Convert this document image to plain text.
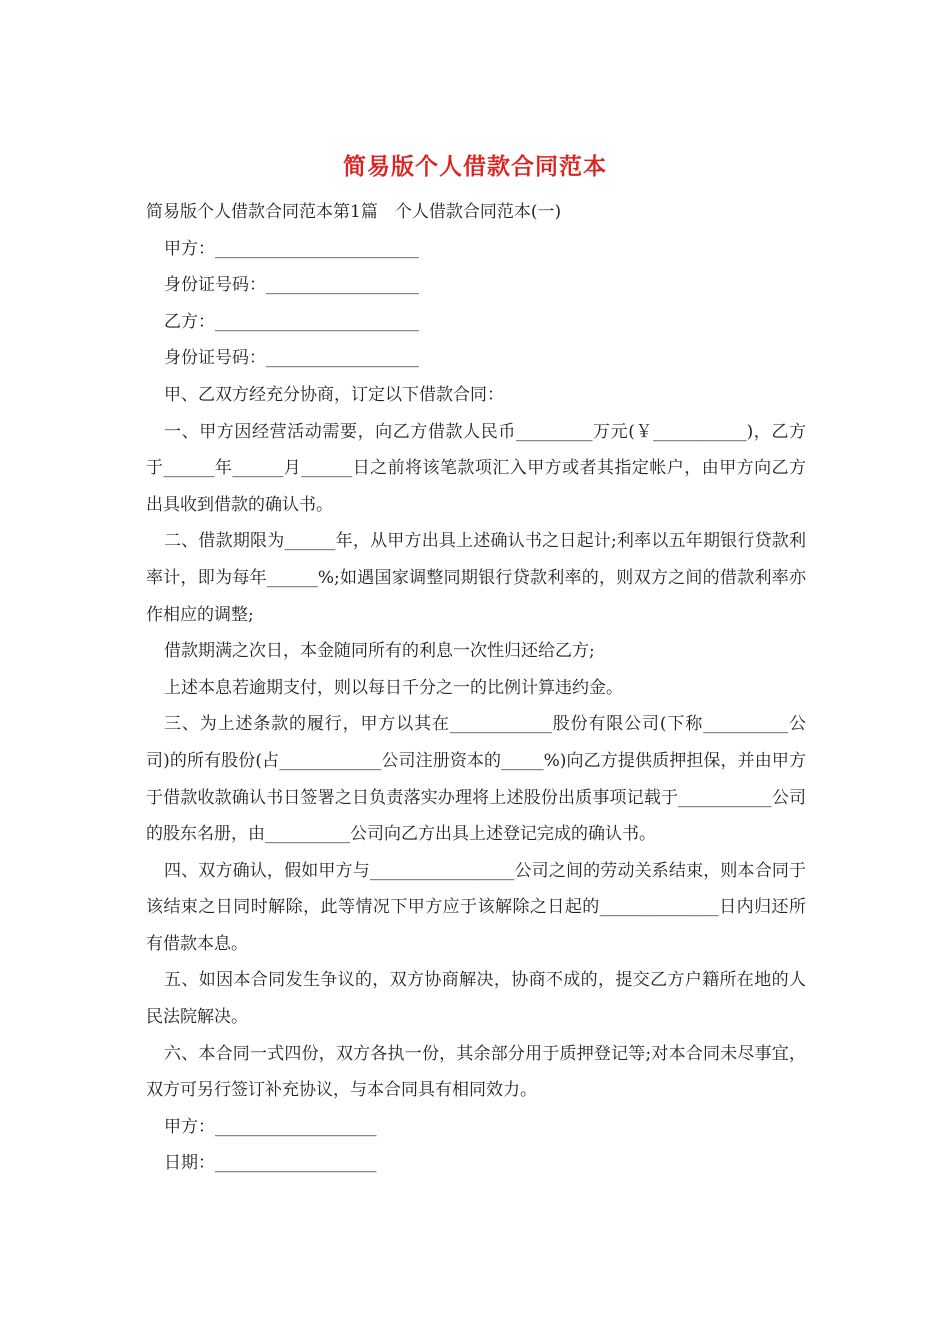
简易版个人借款合同范本

简易版个人借款合同范本第1篇　个人借款合同范本(一)

甲方：________________________

身份证号码：__________________

乙方：________________________

身份证号码：__________________

甲、乙双方经充分协商，订定以下借款合同：

一、甲方因经营活动需要，向乙方借款人民币_________万元(￥___________)，乙方于______年______月______日之前将该笔款项汇入甲方或者其指定帐户，由甲方向乙方出具收到借款的确认书。

二、借款期限为______年，从甲方出具上述确认书之日起计;利率以五年期银行贷款利率计，即为每年______%;如遇国家调整同期银行贷款利率的，则双方之间的借款利率亦作相应的调整;

借款期满之次日，本金随同所有的利息一次性归还给乙方;

上述本息若逾期支付，则以每日千分之一的比例计算违约金。

三、为上述条款的履行，甲方以其在____________股份有限公司(下称__________公司)的所有股份(占____________公司注册资本的_____%)向乙方提供质押担保，并由甲方于借款收款确认书日签署之日负责落实办理将上述股份出质事项记载于___________公司的股东名册，由__________公司向乙方出具上述登记完成的确认书。

四、双方确认，假如甲方与_________________公司之间的劳动关系结束，则本合同于该结束之日同时解除，此等情况下甲方应于该解除之日起的______________日内归还所有借款本息。

五、如因本合同发生争议的，双方协商解决，协商不成的，提交乙方户籍所在地的人民法院解决。

六、本合同一式四份，双方各执一份，其余部分用于质押登记等;对本合同未尽事宜，双方可另行签订补充协议，与本合同具有相同效力。

甲方：___________________

日期：___________________
